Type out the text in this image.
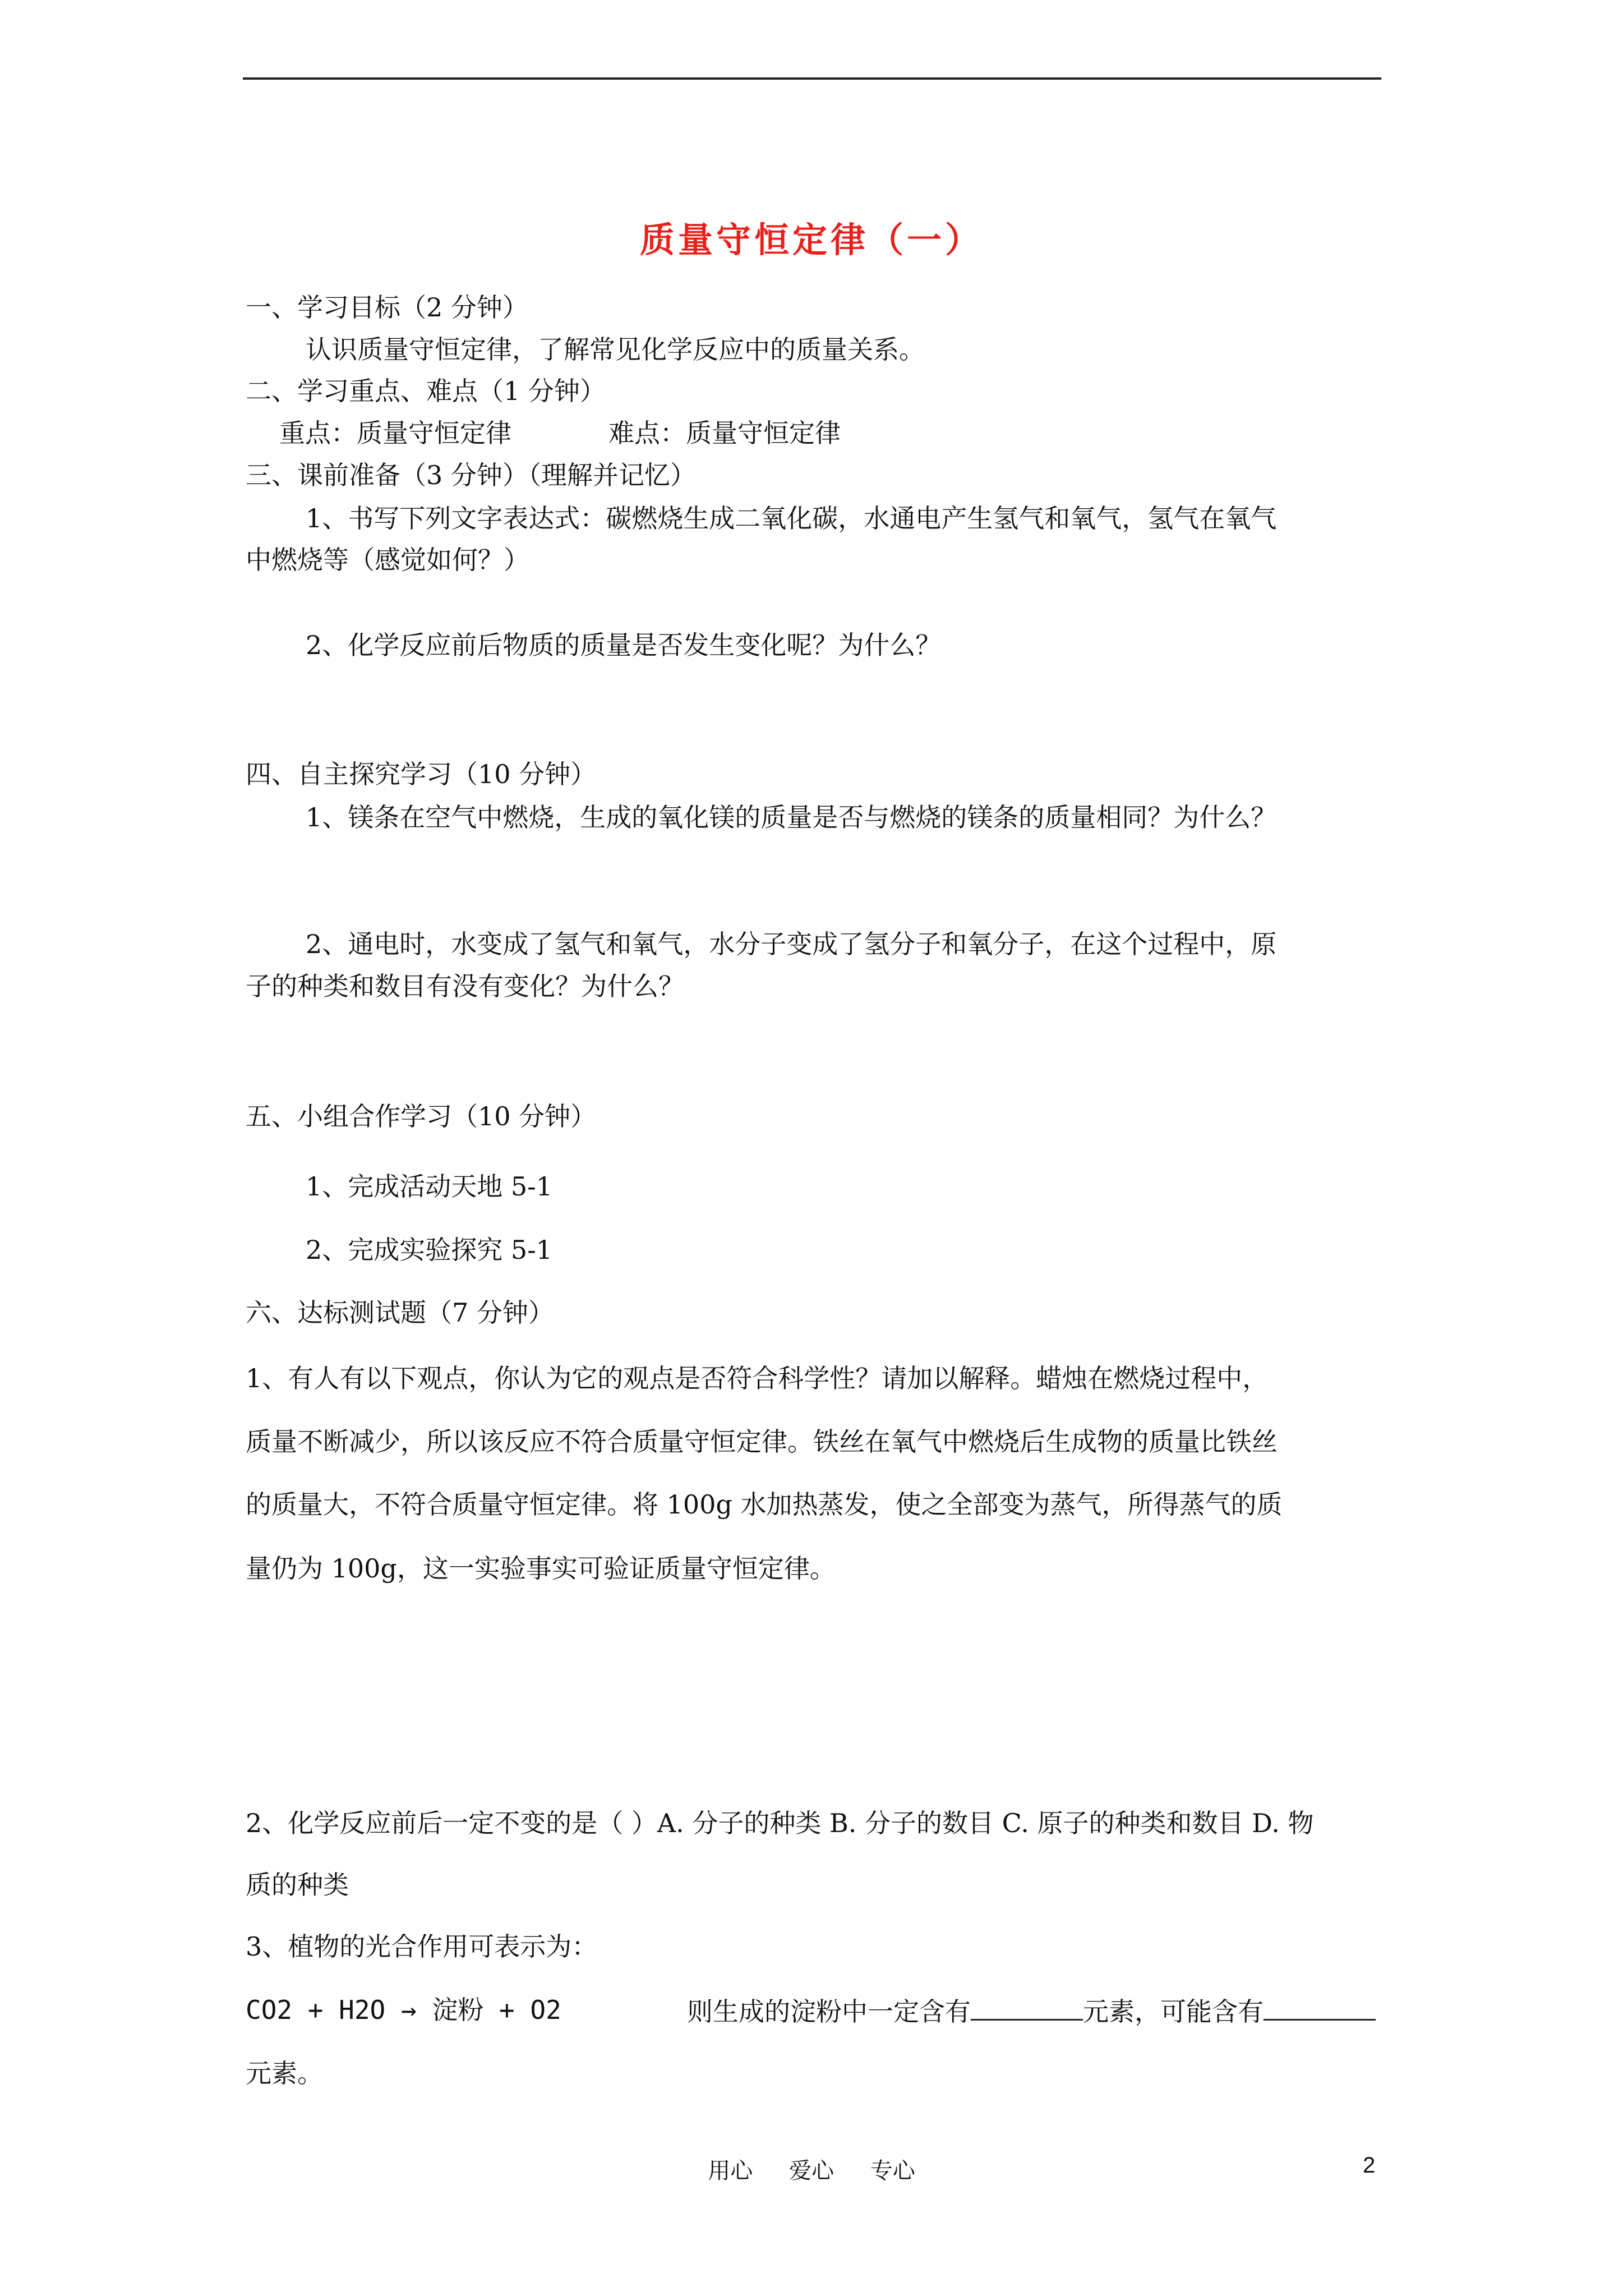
质量守恒定律（一）
一、学习目标（2 分钟）
认识质量守恒定律，了解常见化学反应中的质量关系。
二、学习重点、难点（1 分钟）
重点：质量守恒定律	难点：质量守恒定律
三、课前准备（3 分钟）（理解并记忆）
1、书写下列文字表达式：碳燃烧生成二氧化碳，水通电产生氢气和氧气，氢气在氧气
中燃烧等（感觉如何？）
2、化学反应前后物质的质量是否发生变化呢？为什么？
四、自主探究学习（10 分钟）
1、镁条在空气中燃烧，生成的氧化镁的质量是否与燃烧的镁条的质量相同？为什么？
2、通电时，水变成了氢气和氧气，水分子变成了氢分子和氧分子，在这个过程中，原
子的种类和数目有没有变化？为什么？
五、小组合作学习（10 分钟）
1、完成活动天地 5-1
2、完成实验探究 5-1
六、达标测试题（7 分钟）
1、有人有以下观点，你认为它的观点是否符合科学性？请加以解释。蜡烛在燃烧过程中，
质量不断减少，所以该反应不符合质量守恒定律。铁丝在氧气中燃烧后生成物的质量比铁丝
的质量大，不符合质量守恒定律。将 100g 水加热蒸发，使之全部变为蒸气，所得蒸气的质
量仍为 100g，这一实验事实可验证质量守恒定律。
2、化学反应前后一定不变的是（ ）A. 分子的种类 B. 分子的数目 C. 原子的种类和数目 D. 物
质的种类
3、植物的光合作用可表示为：
CO2 + H2O → 淀粉 + O2	则生成的淀粉中一定含有	元素，可能含有
元素。
用心 爱心 专心	2
